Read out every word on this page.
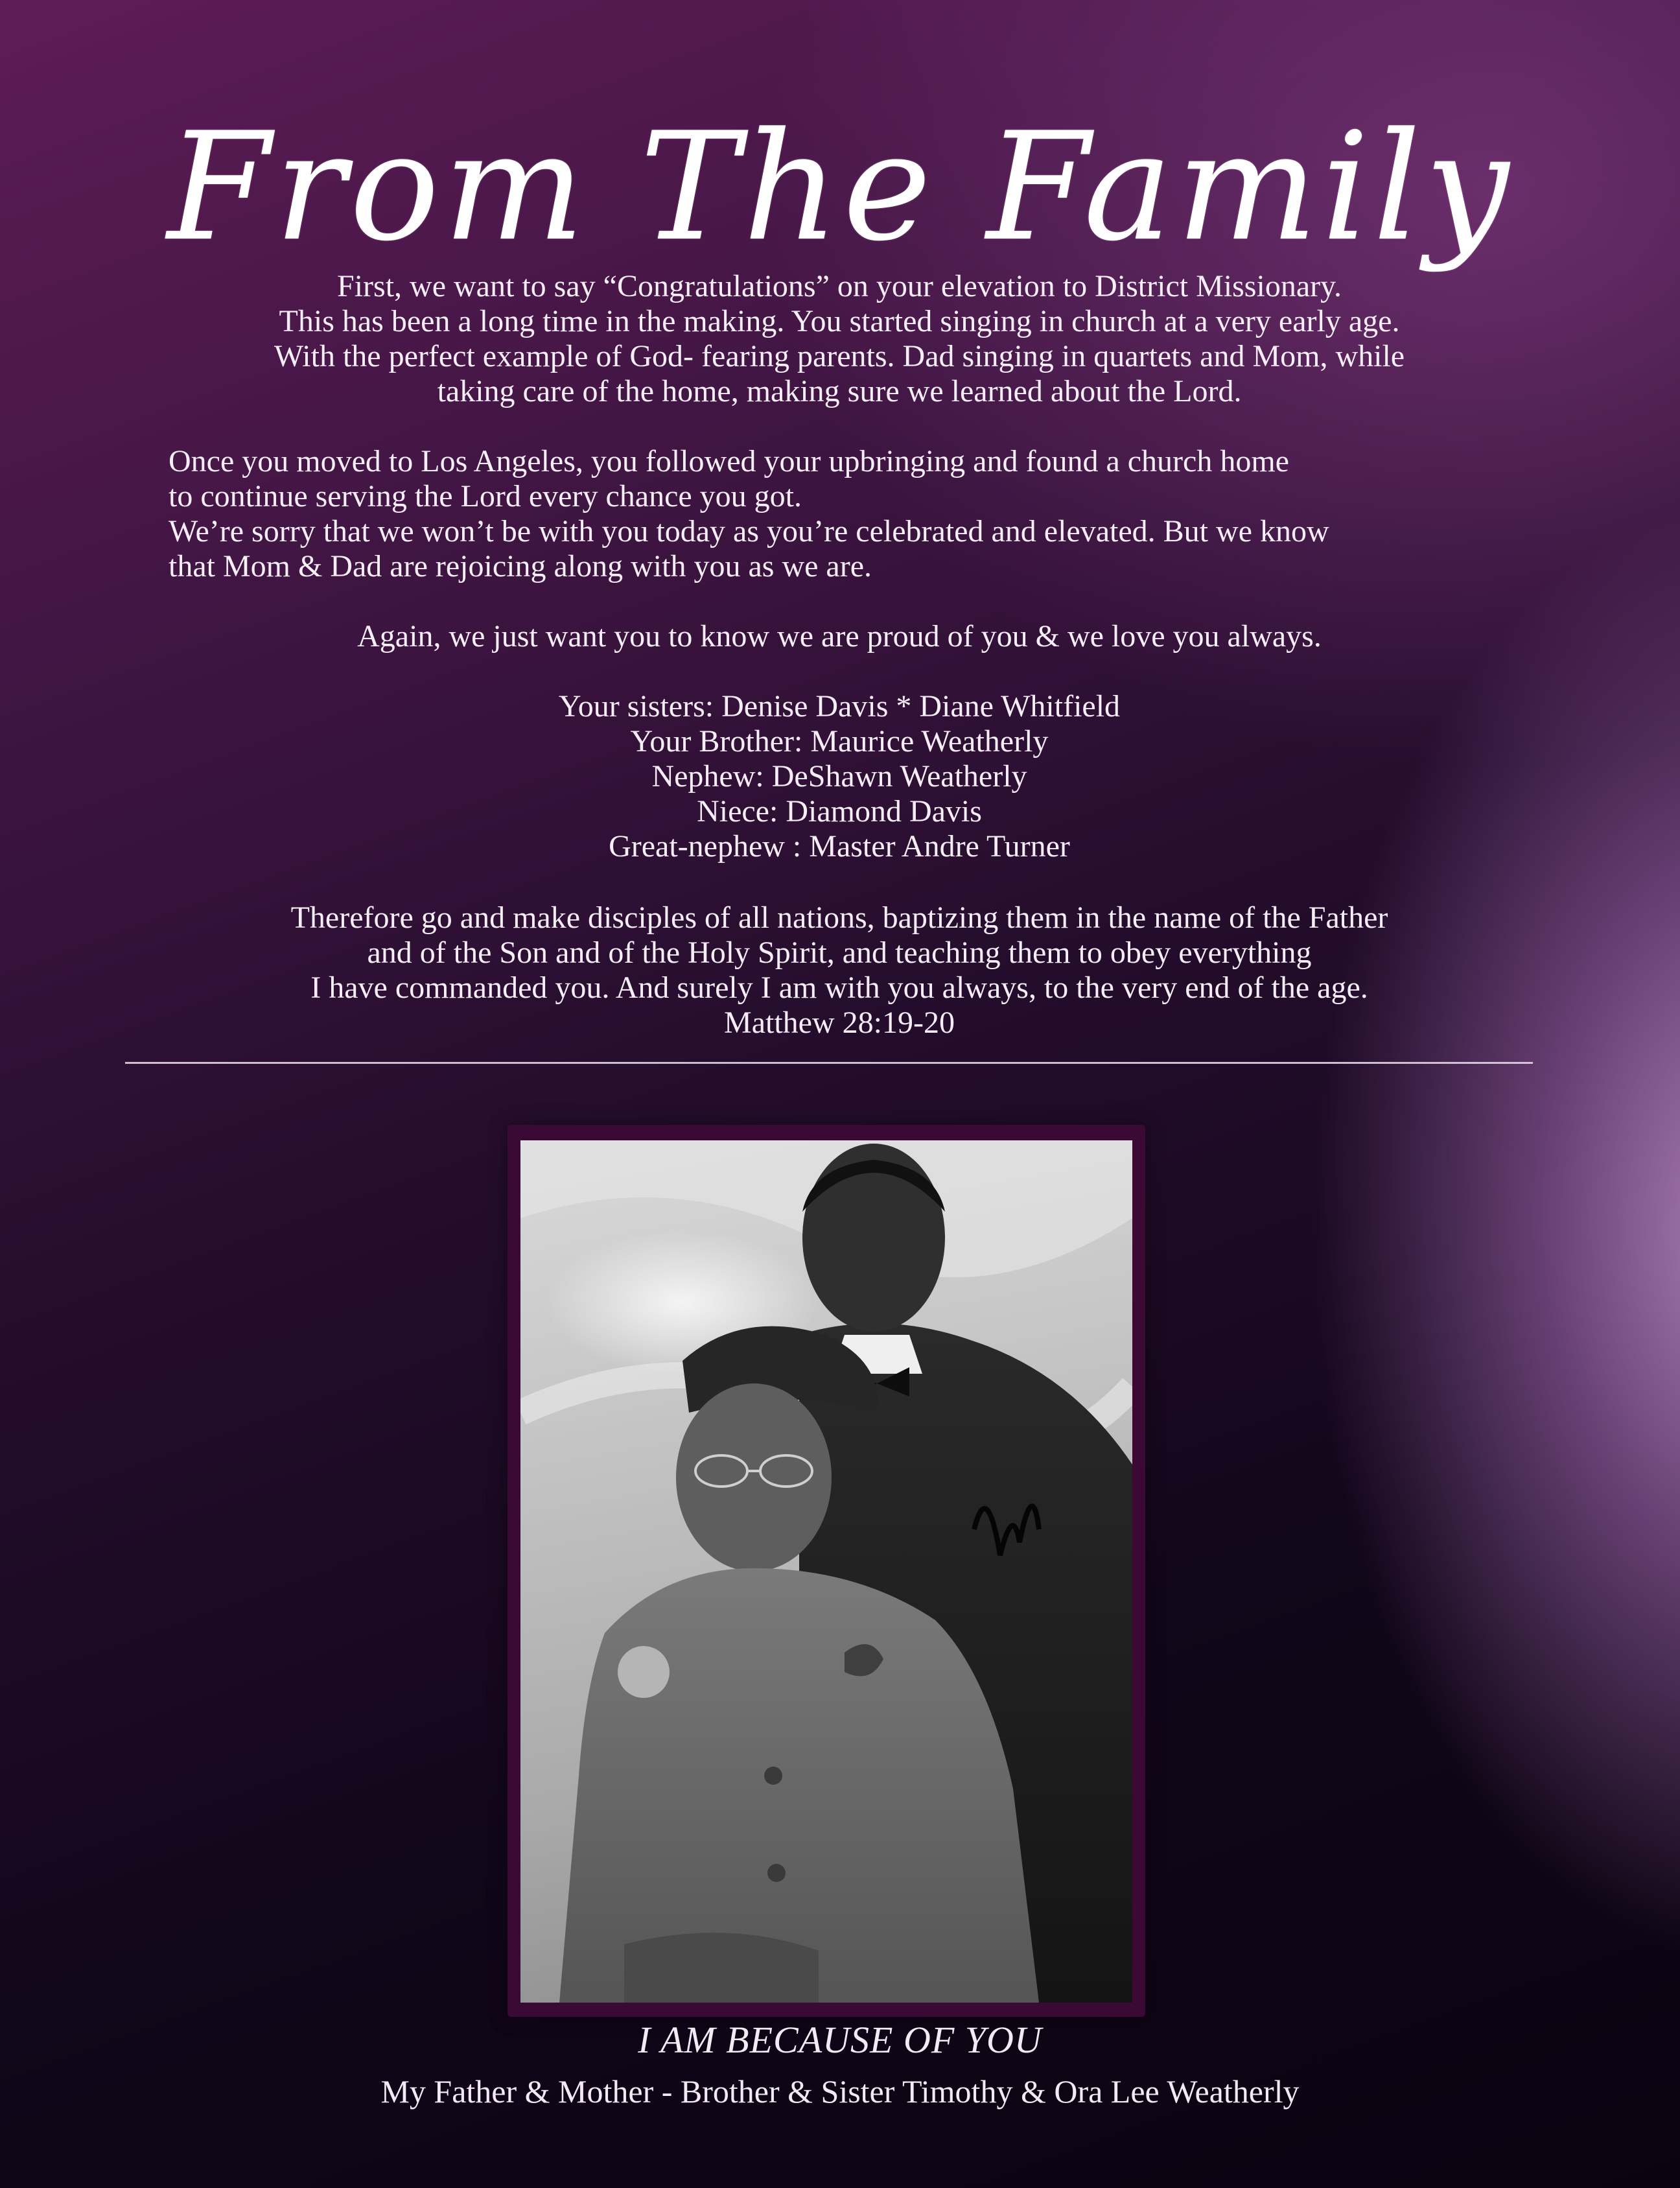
From The Family
First, we want to say “Congratulations” on your elevation to District Missionary.
This has been a long time in the making. You started singing in church at a very early age.
With the perfect example of God- fearing parents. Dad singing in quartets and Mom, while
taking care of the home, making sure we learned about the Lord.
Once you moved to Los Angeles, you followed your upbringing and found a church home
to continue serving the Lord every chance you got.
We’re sorry that we won’t be with you today as you’re celebrated and elevated. But we know
that Mom & Dad are rejoicing along with you as we are.
Again, we just want you to know we are proud of you & we love you always.
Your sisters: Denise Davis * Diane Whitfield
Your Brother: Maurice Weatherly
Nephew: DeShawn Weatherly
Niece: Diamond Davis
Great-nephew : Master Andre Turner
Therefore go and make disciples of all nations, baptizing them in the name of the Father
and of the Son and of the Holy Spirit, and teaching them to obey everything
I have commanded you. And surely I am with you always, to the very end of the age.
Matthew 28:19-20
I AM BECAUSE OF YOU
My Father & Mother - Brother & Sister Timothy & Ora Lee Weatherly
